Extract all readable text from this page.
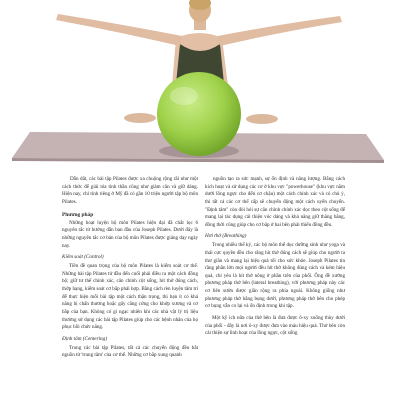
Dẫn dắt, các bài tập Pilates được xa chuộng rộng rãi như một cách thức để giải tỏa tinh thần cũng như giảm cân và giữ dáng. Hiện nay, chỉ tính riêng ở Mỹ đã có gần 10 triệu người tập bộ môn Pilates.

Phương pháp

Những hoạt luyện bộ môn Pilates hiện đại đã chắt lọc 6 nguyên tắc từ hướng dẫn ban đầu của Joseph Pilates. Dưới đây là những nguyên tắc cơ bản của bộ môn Pilates được giảng dạy ngày nay.

Kiểm soát (Control)

Tiền đề quan trọng của bộ môn Pilates là kiểm soát cơ thể. Những bài tập Pilates tứ đầu đến cuối phải điều ra một cách đồng bộ; giữ tư thế chính xác, cân chỉnh cột sống, hít thở đúng cách, thớp hạng, kiểm soát cơ bắp phải hợp. Bằng cách rèn luyện tâm trí để thực hiện mỗi bài tập một cách thận trọng, thì bạn ít có khả năng bị chấn thương hoặc gây căng cứng cho khớp xương và cơ bắp của bạn. Không có gì ngạc nhiên khi các nhà vật lý trị liệu thường sử dụng các bài tập Pilates giúp cho các bệnh nhân của họ phục hồi chức năng.

Định tâm (Centering)

Trong các bài tập Pilates, tất cả các chuyển động đều bắt nguồn từ 'trung tâm' của cơ thể. Những cơ bắp xung quanh

nguồn tạo ra sức mạnh, sự ổn định và năng lượng. Bằng cách kích hoạt và sử dụng các cơ ở khu vực "powerhouse" (khu vực nằm dưới lồng ngực cho đến cơ chậu) một cách chính xác và có chủ ý, thì tất cả các cơ thể cấp sẽ chuyển động một cách uyển chuyển. "Định tâm" còn đòi hỏi sự căn chỉnh chính xác dọc theo cột sống để mang lại tác dụng cải thiện vóc dáng và khả năng giữ thăng bằng, đồng thời cũng giúp cho cơ bắp ở hai bên phải thiếu đồng đều.

Hơi thở (Breathing)

Trong nhiều thể kỷ, các bộ môn thể dục dưỡng sinh như yoga và thái cực quyền đều cho rằng hít thở đúng cách sẽ giúp cho người ta thư giãn và mang lại hiệu quả tối cho sức khỏe. Joseph Pilates tin rằng phần lớn mọi người đều hít thở không đúng cách và kém hiệu quả, chỉ yêu là hít thở nông ở phần trên của phổi. Ông đề xướng phương pháp thở bên (lateral breathing), với phương pháp này các cơ liên sườn được giãn rộng ra phía ngoài. Không giống như phương pháp thở bằng bụng dưới, phương pháp thở bên cho phép cơ bụng vẫn co lại và ổn định trong khi tập.

Một kỹ ích nữa của thở bên là đưa được ô-xy xuống thùy dưới của phổi - đây là nơi ô-xy được đưa vào máu hiệu quả. Thở bên còn cải thiện sự linh hoạt của lồng ngực, cột sống
